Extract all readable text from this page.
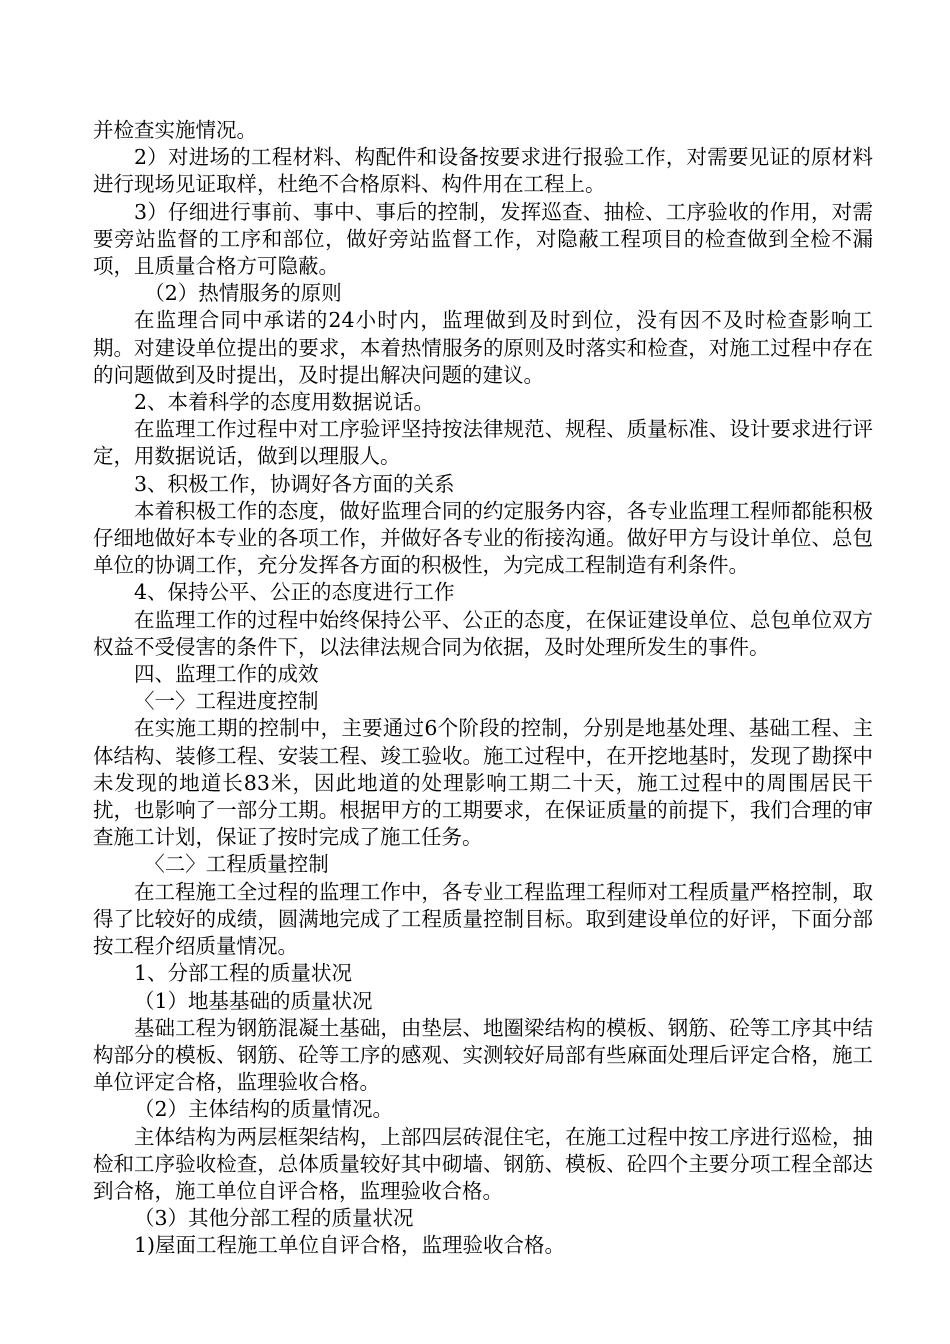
并检查实施情况。

2）对进场的工程材料、构配件和设备按要求进行报验工作，对需要见证的原材料进行现场见证取样，杜绝不合格原料、构件用在工程上。

3）仔细进行事前、事中、事后的控制，发挥巡查、抽检、工序验收的作用，对需要旁站监督的工序和部位，做好旁站监督工作，对隐蔽工程项目的检查做到全检不漏项，且质量合格方可隐蔽。

（2）热情服务的原则

在监理合同中承诺的24小时内，监理做到及时到位，没有因不及时检查影响工期。对建设单位提出的要求，本着热情服务的原则及时落实和检查，对施工过程中存在的问题做到及时提出，及时提出解决问题的建议。

2、本着科学的态度用数据说话。

在监理工作过程中对工序验评坚持按法律规范、规程、质量标准、设计要求进行评定，用数据说话，做到以理服人。

3、积极工作，协调好各方面的关系

本着积极工作的态度，做好监理合同的约定服务内容，各专业监理工程师都能积极仔细地做好本专业的各项工作，并做好各专业的衔接沟通。做好甲方与设计单位、总包单位的协调工作，充分发挥各方面的积极性，为完成工程制造有利条件。

4、保持公平、公正的态度进行工作

在监理工作的过程中始终保持公平、公正的态度，在保证建设单位、总包单位双方权益不受侵害的条件下，以法律法规合同为依据，及时处理所发生的事件。

四、监理工作的成效

〈一〉工程进度控制

在实施工期的控制中，主要通过6个阶段的控制，分别是地基处理、基础工程、主体结构、装修工程、安装工程、竣工验收。施工过程中，在开挖地基时，发现了勘探中未发现的地道长83米，因此地道的处理影响工期二十天，施工过程中的周围居民干扰，也影响了一部分工期。根据甲方的工期要求，在保证质量的前提下，我们合理的审查施工计划，保证了按时完成了施工任务。

〈二〉工程质量控制

在工程施工全过程的监理工作中，各专业工程监理工程师对工程质量严格控制，取得了比较好的成绩，圆满地完成了工程质量控制目标。取到建设单位的好评，下面分部按工程介绍质量情况。

1、分部工程的质量状况

（1）地基基础的质量状况

基础工程为钢筋混凝土基础，由垫层、地圈梁结构的模板、钢筋、砼等工序其中结构部分的模板、钢筋、砼等工序的感观、实测较好局部有些麻面处理后评定合格，施工单位评定合格，监理验收合格。

（2）主体结构的质量情况。

主体结构为两层框架结构，上部四层砖混住宅，在施工过程中按工序进行巡检，抽检和工序验收检查，总体质量较好其中砌墙、钢筋、模板、砼四个主要分项工程全部达到合格，施工单位自评合格，监理验收合格。

（3）其他分部工程的质量状况

1)屋面工程施工单位自评合格，监理验收合格。
